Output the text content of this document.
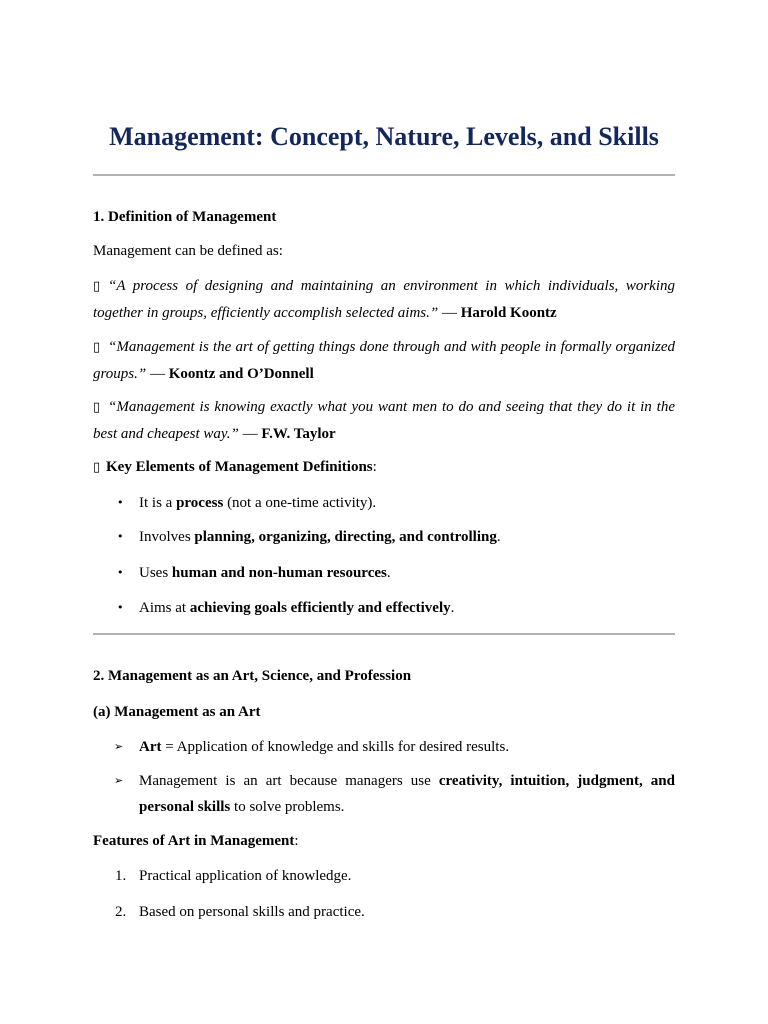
Management: Concept, Nature, Levels, and Skills

1. Definition of Management

Management can be defined as:

▯ “A process of designing and maintaining an environment in which individuals, working together in groups, efficiently accomplish selected aims.” — Harold Koontz

▯ “Management is the art of getting things done through and with people in formally organized groups.” — Koontz and O’Donnell

▯ “Management is knowing exactly what you want men to do and seeing that they do it in the best and cheapest way.” — F.W. Taylor

▯ Key Elements of Management Definitions:

•	It is a process (not a one-time activity).

•	Involves planning, organizing, directing, and controlling.

•	Uses human and non-human resources.

•	Aims at achieving goals efficiently and effectively.

2. Management as an Art, Science, and Profession

(a) Management as an Art

➢	Art = Application of knowledge and skills for desired results.

➢	Management is an art because managers use creativity, intuition, judgment, and personal skills to solve problems.

Features of Art in Management:

1. Practical application of knowledge.

2. Based on personal skills and practice.
